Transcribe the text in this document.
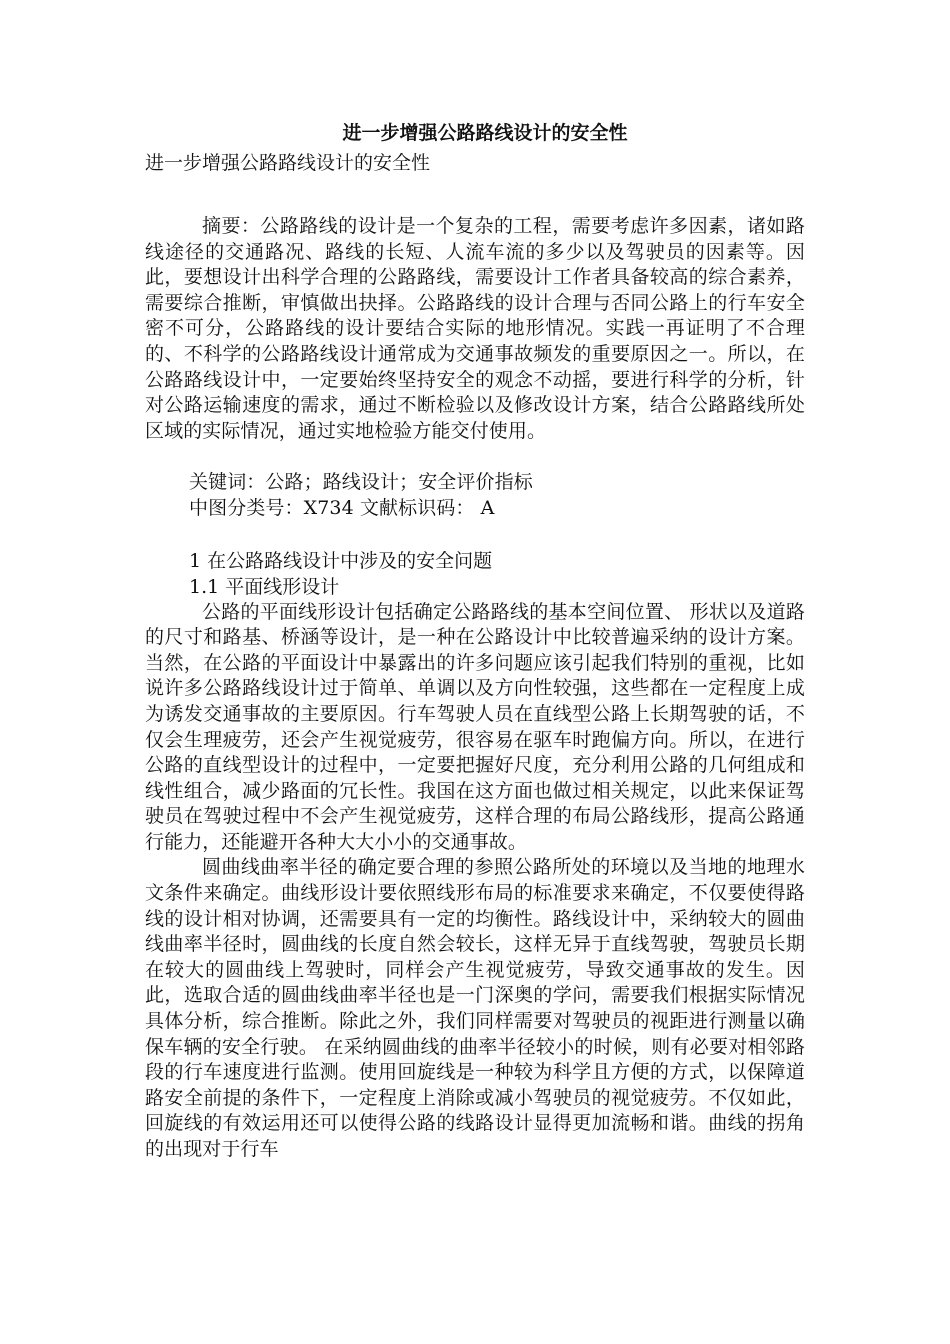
进一步增强公路路线设计的安全性

进一步增强公路路线设计的安全性

摘要：公路路线的设计是一个复杂的工程，需要考虑许多因素，诸如路线途径的交通路况、路线的长短、人流车流的多少以及驾驶员的因素等。因此，要想设计出科学合理的公路路线，需要设计工作者具备较高的综合素养，需要综合推断，审慎做出抉择。公路路线的设计合理与否同公路上的行车安全密不可分，公路路线的设计要结合实际的地形情况。实践一再证明了不合理的、不科学的公路路线设计通常成为交通事故频发的重要原因之一。所以，在公路路线设计中，一定要始终坚持安全的观念不动摇，要进行科学的分析，针对公路运输速度的需求，通过不断检验以及修改设计方案，结合公路路线所处区域的实际情况，通过实地检验方能交付使用。

关键词：公路；路线设计；安全评价指标

中图分类号：X734 文献标识码： A

1 在公路路线设计中涉及的安全问题

1.1 平面线形设计

公路的平面线形设计包括确定公路路线的基本空间位置、 形状以及道路的尺寸和路基、桥涵等设计，是一种在公路设计中比较普遍采纳的设计方案。当然，在公路的平面设计中暴露出的许多问题应该引起我们特别的重视，比如说许多公路路线设计过于简单、单调以及方向性较强，这些都在一定程度上成为诱发交通事故的主要原因。行车驾驶人员在直线型公路上长期驾驶的话，不仅会生理疲劳，还会产生视觉疲劳，很容易在驱车时跑偏方向。所以，在进行公路的直线型设计的过程中，一定要把握好尺度，充分利用公路的几何组成和线性组合，减少路面的冗长性。我国在这方面也做过相关规定，以此来保证驾驶员在驾驶过程中不会产生视觉疲劳，这样合理的布局公路线形，提高公路通行能力，还能避开各种大大小小的交通事故。

圆曲线曲率半径的确定要合理的参照公路所处的环境以及当地的地理水文条件来确定。曲线形设计要依照线形布局的标准要求来确定，不仅要使得路线的设计相对协调，还需要具有一定的均衡性。路线设计中，采纳较大的圆曲线曲率半径时，圆曲线的长度自然会较长，这样无异于直线驾驶，驾驶员长期在较大的圆曲线上驾驶时，同样会产生视觉疲劳，导致交通事故的发生。因此，选取合适的圆曲线曲率半径也是一门深奥的学问，需要我们根据实际情况具体分析，综合推断。除此之外，我们同样需要对驾驶员的视距进行测量以确保车辆的安全行驶。 在采纳圆曲线的曲率半径较小的时候，则有必要对相邻路段的行车速度进行监测。使用回旋线是一种较为科学且方便的方式，以保障道路安全前提的条件下，一定程度上消除或减小驾驶员的视觉疲劳。不仅如此，回旋线的有效运用还可以使得公路的线路设计显得更加流畅和谐。曲线的拐角的出现对于行车
